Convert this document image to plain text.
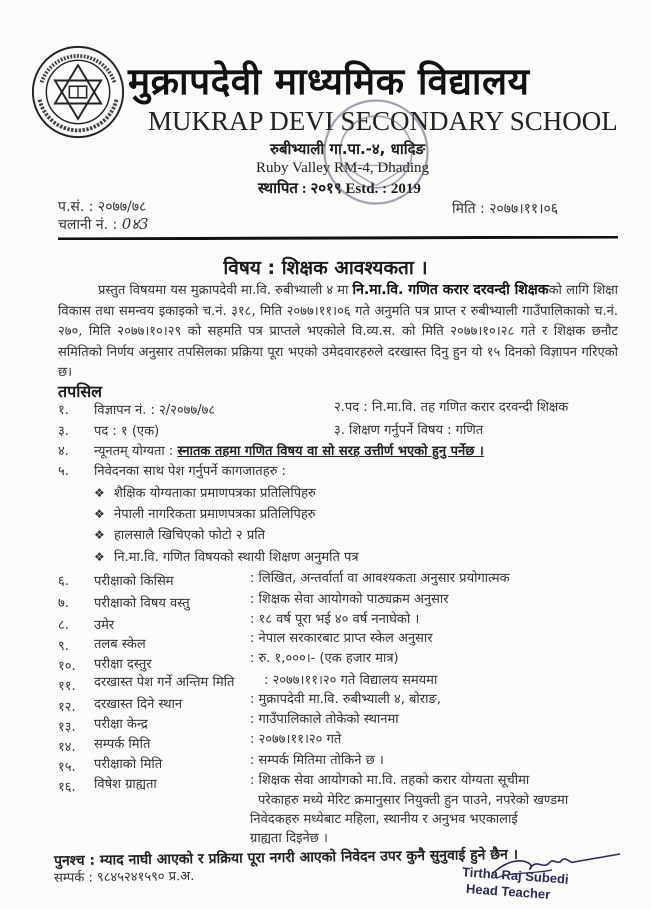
मुक्रापदेवी माध्यमिक विद्यालय
MUKRAP DEVI SECONDARY SCHOOL
रुबीभ्याली गा.पा.-४, धादिङ
Ruby Valley RM-4, Dhading
स्थापित : २०१९ Estd. : 2019
प.सं. : २०७७/७८
चलानी नं. : 0४3
मिति : २०७७।११।०६
विषय : शिक्षक आवश्यकता ।
प्रस्तुत विषयमा यस मुक्रापदेवी मा.वि. रुबीभ्याली ४ मा नि.मा.वि. गणित करार दरवन्दी शिक्षकको लागि शिक्षा विकास तथा समन्वय इकाइको च.नं. ३१८, मिति २०७७।११।०६ गते अनुमति पत्र प्राप्त र रुबीभ्याली गाउँपालिकाको च.नं. २७०, मिति २०७७।१०।२९ को सहमति पत्र प्राप्तले भएकोले वि.व्य.स. को मिति २०७७।१०।२८ गते र शिक्षक छनौट समितिको निर्णय अनुसार तपसिलका प्रक्रिया पूरा भएको उमेदवारहरुले दरखास्त दिनु हुन यो १५ दिनको विज्ञापन गरिएको छ।
तपसिल
१. विज्ञापन नं. : २/२०७७/७८	२.पद : नि.मा.वि. तह गणित करार दरवन्दी शिक्षक
३. पद : १ (एक)	३. शिक्षण गर्नुपर्ने विषय : गणित
४. न्यूनतम् योग्यता : स्नातक तहमा गणित विषय वा सो सरह उत्तीर्ण भएको हुनु पर्नेछ ।
५. निवेदनका साथ पेश गर्नुपर्ने कागजातहरु :
❖ शैक्षिक योग्यताका प्रमाणपत्रका प्रतिलिपिहरु
❖ नेपाली नागरिकता प्रमाणपत्रका प्रतिलिपिहरु
❖ हालसालै खिचिएको फोटो २ प्रति
❖ नि.मा.वि. गणित विषयको स्थायी शिक्षण अनुमति पत्र
६. परीक्षाको किसिम	: लिखित, अन्तर्वार्ता वा आवश्यकता अनुसार प्रयोगात्मक
७. परीक्षाको विषय वस्तु	: शिक्षक सेवा आयोगको पाठ्यक्रम अनुसार
८. उमेर	: १८ वर्ष पूरा भई ४० वर्ष ननाघेको ।
९. तलब स्केल	: नेपाल सरकारबाट प्राप्त स्केल अनुसार
१०. परीक्षा दस्तुर	: रु. १,०००।- (एक हजार मात्र)
११. दरखास्त पेश गर्ने अन्तिम मिति : २०७७।११।२० गते विद्यालय समयमा
१२. दरखास्त दिने स्थान	: मुक्रापदेवी मा.वि. रुबीभ्याली ४, बोराङ,
१३. परीक्षा केन्द्र	: गाउँपालिकाले तोकेको स्थानमा
१४. सम्पर्क मिति	: २०७७।११।२० गते
१५. परीक्षाको मिति	: सम्पर्क मितिमा तोकिने छ ।
१६. विषेश ग्राह्यता	: शिक्षक सेवा आयोगको मा.वि. तहको करार योग्यता सूचीमा
परेकाहरु मध्ये मेरिट क्रमानुसार नियुक्ती हुन पाउने, नपरेको खण्डमा
निवेदकहरु मध्येबाट महिला, स्थानीय र अनुभव भएकालाई
ग्राह्यता दिइनेछ ।
पुनश्च : म्याद नाघी आएको र प्रक्रिया पूरा नगरी आएको निवेदन उपर कुनै सुनुवाई हुने छैन ।
सम्पर्क : ९८४५२४१५९० प्र.अ.	Tirtha Raj Subedi
Head Teacher
